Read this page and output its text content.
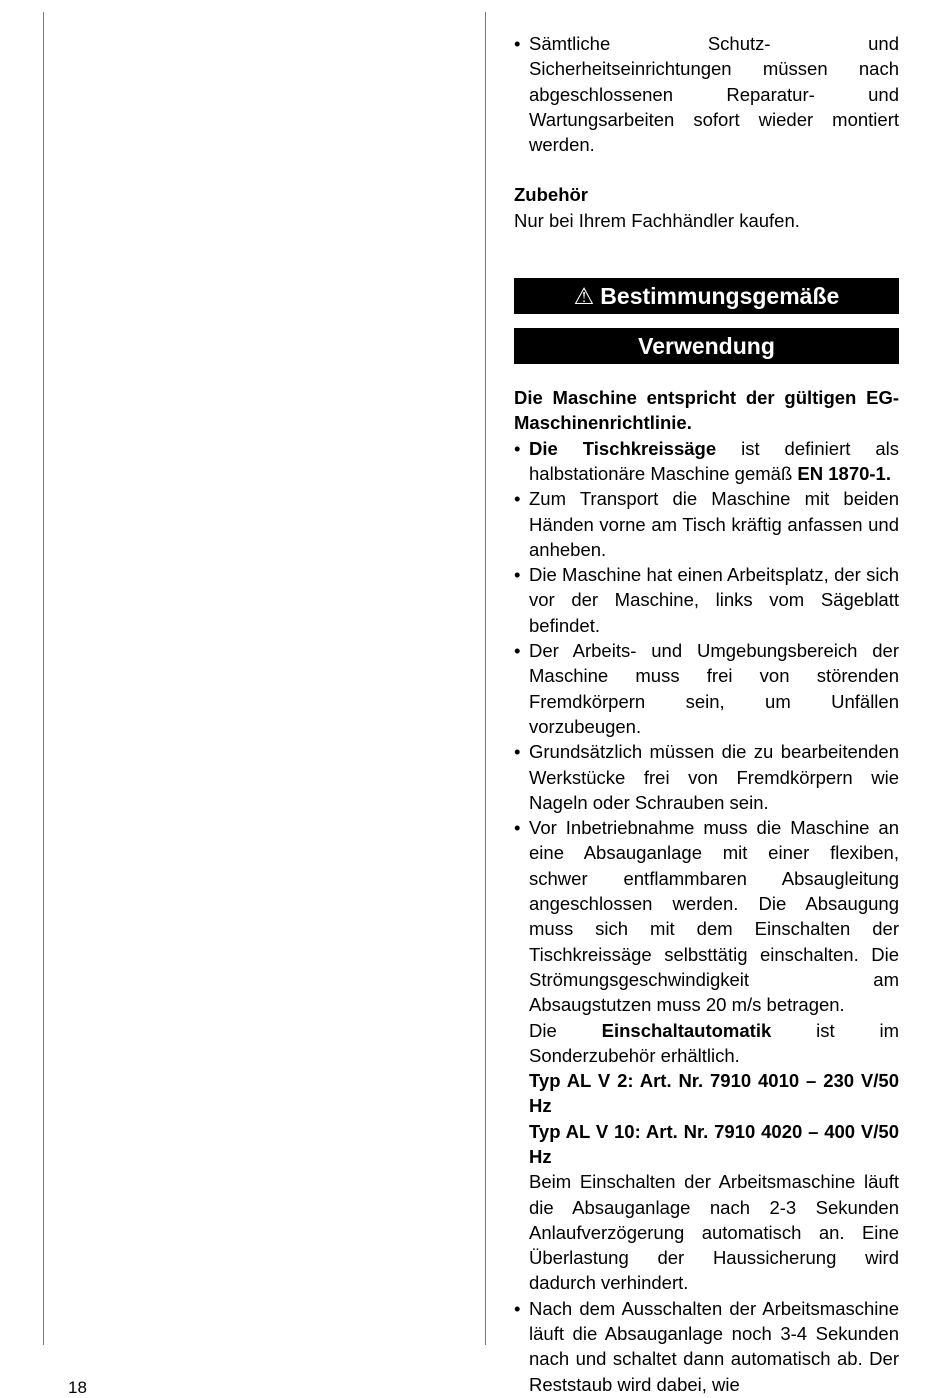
• Sämtliche Schutz- und Sicherheitseinrichtungen müssen nach abgeschlossenen Reparatur- und Wartungsarbeiten sofort wieder montiert werden.

Zubehör

Nur bei Ihrem Fachhändler kaufen.

⚠ Bestimmungsgemäße
Verwendung

Die Maschine entspricht der gültigen EG-Maschinenrichtlinie.

• Die Tischkreissäge ist definiert als halbstationäre Maschine gemäß EN 1870-1.
• Zum Transport die Maschine mit beiden Händen vorne am Tisch kräftig anfassen und anheben.
• Die Maschine hat einen Arbeitsplatz, der sich vor der Maschine, links vom Sägeblatt befindet.
• Der Arbeits- und Umgebungsbereich der Maschine muss frei von störenden Fremdkörpern sein, um Unfällen vorzubeugen.
• Grundsätzlich müssen die zu bearbeitenden Werkstücke frei von Fremdkörpern wie Nageln oder Schrauben sein.
• Vor Inbetriebnahme muss die Maschine an eine Absauganlage mit einer flexiben, schwer entflammbaren Absaugleitung angeschlossen werden. Die Absaugung muss sich mit dem Einschalten der Tischkreissäge selbsttätig einschalten. Die Strömungsgeschwindigkeit am Absaugstutzen muss 20 m/s betragen.

Die Einschaltautomatik ist im Sonderzubehör erhältlich.

Typ AL V 2: Art. Nr. 7910 4010 – 230 V/50 Hz

Typ AL V 10: Art. Nr. 7910 4020 – 400 V/50 Hz

Beim Einschalten der Arbeitsmaschine läuft die Absauganlage nach 2-3 Sekunden Anlaufverzögerung automatisch an. Eine Überlastung der Haussicherung wird dadurch verhindert.

• Nach dem Ausschalten der Arbeitsmaschine läuft die Absauganlage noch 3-4 Sekunden nach und schaltet dann automatisch ab. Der Reststaub wird dabei, wie
18
